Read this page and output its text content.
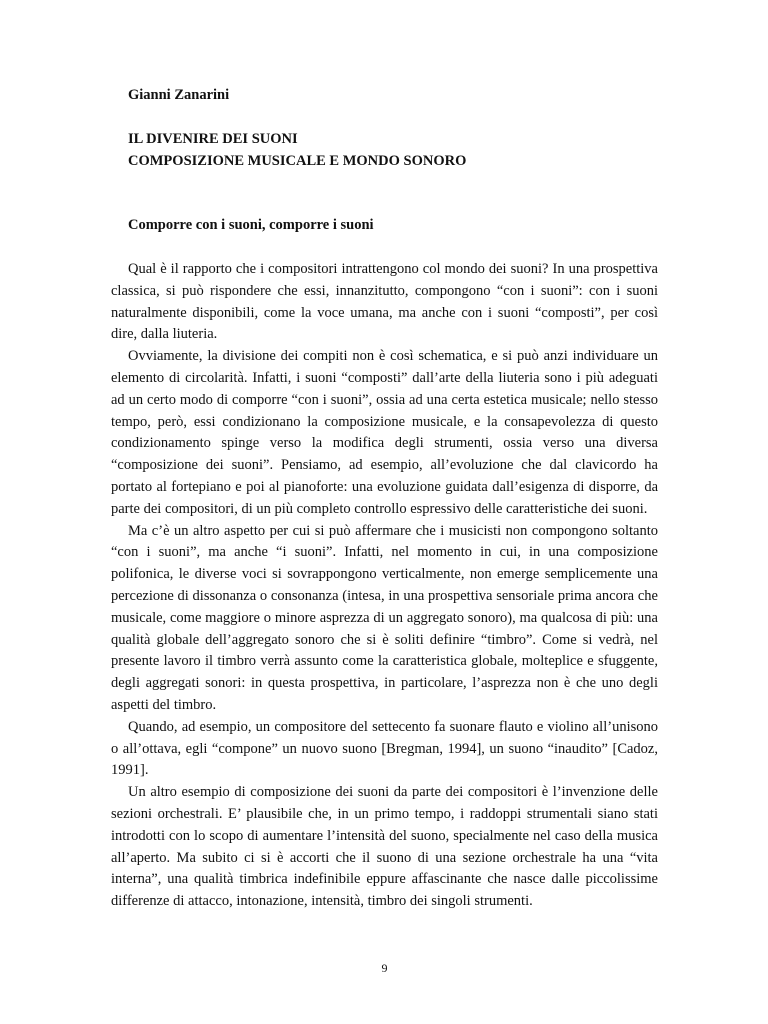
Gianni Zanarini

IL DIVENIRE DEI SUONI
COMPOSIZIONE MUSICALE E MONDO SONORO
Comporre con i suoni, comporre i suoni

Qual è il rapporto che i compositori intrattengono col mondo dei suoni? In una prospettiva classica, si può rispondere che essi, innanzitutto, compongono “con i suoni”: con i suoni naturalmente disponibili, come la voce umana, ma anche con i suoni “composti”, per così dire, dalla liuteria.

Ovviamente, la divisione dei compiti non è così schematica, e si può anzi individuare un elemento di circolarità. Infatti, i suoni “composti” dall’arte della liuteria sono i più adeguati ad un certo modo di comporre “con i suoni”, ossia ad una certa estetica musicale; nello stesso tempo, però, essi condizionano la composizione musicale, e la consapevolezza di questo condizionamento spinge verso la modifica degli strumenti, ossia verso una diversa “composizione dei suoni”. Pensiamo, ad esempio, all’evoluzione che dal clavicordo ha portato al fortepiano e poi al pianoforte: una evoluzione guidata dall’esigenza di disporre, da parte dei compositori, di un più completo controllo espressivo delle caratteristiche dei suoni.

Ma c’è un altro aspetto per cui si può affermare che i musicisti non compongono soltanto “con i suoni”, ma anche “i suoni”. Infatti, nel momento in cui, in una composizione polifonica, le diverse voci si sovrappongono verticalmente, non emerge semplicemente una percezione di dissonanza o consonanza (intesa, in una prospettiva sensoriale prima ancora che musicale, come maggiore o minore asprezza di un aggregato sonoro), ma qualcosa di più: una qualità globale dell’aggregato sonoro che si è soliti definire “timbro”. Come si vedrà, nel presente lavoro il timbro verrà assunto come la caratteristica globale, molteplice e sfuggente, degli aggregati sonori: in questa prospettiva, in particolare, l’asprezza non è che uno degli aspetti del timbro.

Quando, ad esempio, un compositore del settecento fa suonare flauto e violino all’unisono o all’ottava, egli “compone” un nuovo suono [Bregman, 1994], un suono “inaudito” [Cadoz, 1991].

Un altro esempio di composizione dei suoni da parte dei compositori è l’invenzione delle sezioni orchestrali. E’ plausibile che, in un primo tempo, i raddoppi strumentali siano stati introdotti con lo scopo di aumentare l’intensità del suono, specialmente nel caso della musica all’aperto. Ma subito ci si è accorti che il suono di una sezione orchestrale ha una “vita interna”, una qualità timbrica indefinibile eppure affascinante che nasce dalle piccolissime differenze di attacco, intonazione, intensità, timbro dei singoli strumenti.

9
